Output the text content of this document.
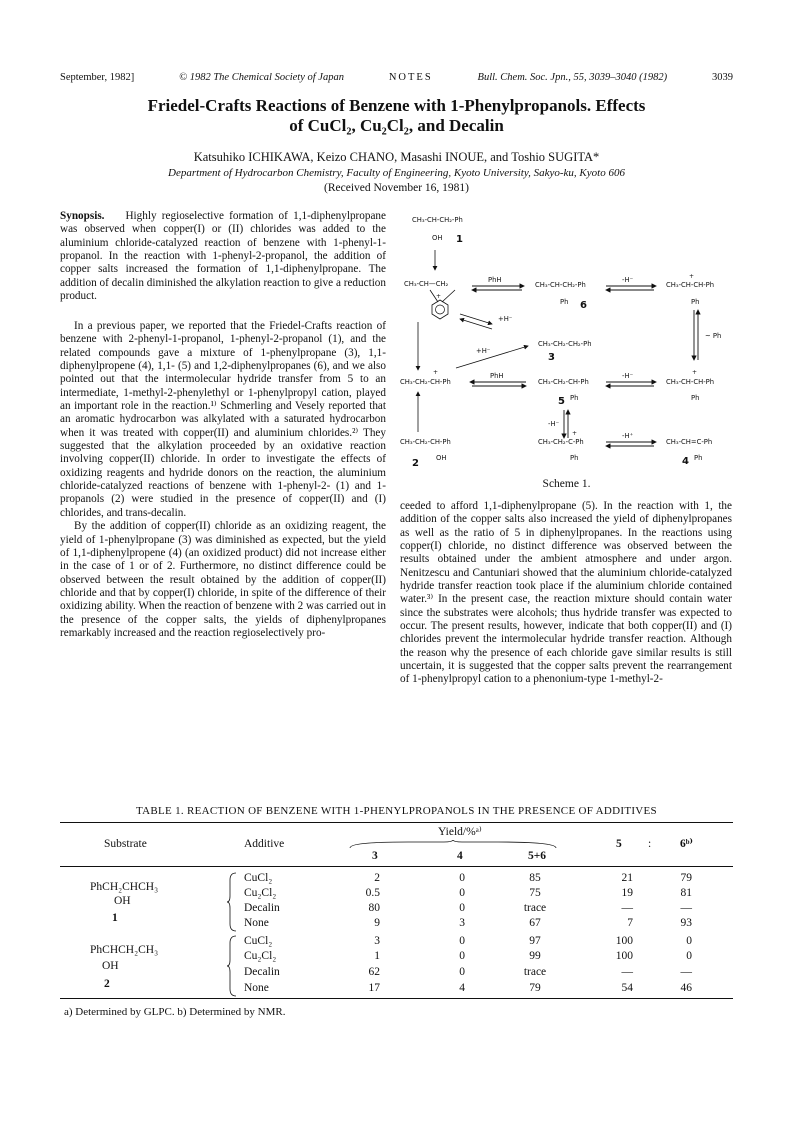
September, 1982]	© 1982 The Chemical Society of Japan	NOTES	Bull. Chem. Soc. Jpn., 55, 3039–3040 (1982)	3039
Friedel-Crafts Reactions of Benzene with 1-Phenylpropanols. Effects
of CuCl₂, Cu₂Cl₂, and Decalin
Katsuhiko ICHIKAWA, Keizo CHANO, Masashi INOUE, and Toshio SUGITA*
Department of Hydrocarbon Chemistry, Faculty of Engineering, Kyoto University, Sakyo-ku, Kyoto 606
(Received November 16, 1981)

Synopsis. Highly regioselective formation of 1,1-diphenylpropane was observed when copper(I) or (II) chlorides was added to the aluminium chloride-catalyzed reaction of benzene with 1-phenyl-1-propanol. In the reaction with 1-phenyl-2-propanol, the addition of copper salts increased the formation of 1,1-diphenylpropane. The addition of decalin diminished the alkylation reaction to give a reduction product.

In a previous paper, we reported that the Friedel-Crafts reaction of benzene with 2-phenyl-1-propanol, 1-phenyl-2-propanol (1), and the related compounds gave a mixture of 1-phenylpropane (3), 1,1-diphenylpropene (4), 1,1- (5) and 1,2-diphenylpropanes (6), and we also pointed out that the intermolecular hydride transfer from 5 to an intermediate, 1-methyl-2-phenylethyl or 1-phenylpropyl cation, played an important role in the reaction.¹⁾ Schmerling and Vesely reported that an aromatic hydrocarbon was alkylated with a saturated hydrocarbon when it was treated with copper(II) and aluminium chlorides.²⁾ They suggested that the alkylation proceeded by an oxidative reaction involving copper(II) chloride. In order to investigate the effects of oxidizing reagents and hydride donors on the reaction, the aluminium chloride-catalyzed reactions of benzene with 1-phenyl-2- (1) and 1-propanols (2) were studied in the presence of copper(II) and (I) chlorides, and trans-decalin.

By the addition of copper(II) chloride as an oxidizing reagent, the yield of 1-phenylpropane (3) was diminished as expected, but the yield of 1,1-diphenylpropene (4) (an oxidized product) did not increase either in the case of 1 or of 2. Furthermore, no distinct difference could be observed between the result obtained by the addition of copper(II) chloride and that by copper(I) chloride, in spite of the difference of their oxidizing ability. When the reaction of benzene with 2 was carried out in the presence of the copper salts, the yields of diphenylpropanes remarkably increased and the reaction regioselectively pro-

CH₃-CH-CH₂-Ph
OH 1
CH₃-CH—CH₂
+
PhH
CH₃-CH-CH₂-Ph
Ph 6
-H⁻	+
CH₃-CH-CH-Ph
Ph
+H⁻
CH₃-CH₂-CH₂-Ph
3
+H⁻
~ Ph
+
CH₃-CH₂-CH-Ph
PhH
CH₃-CH₂-CH-Ph
Ph
5
-H⁻	+
CH₃-CH-CH-Ph
Ph
-H⁻
CH₃-CH₂-CH-Ph
OH
2
+
CH₃-CH₂-C-Ph
Ph
-H⁺
CH₃-CH=C-Ph
Ph
4
Scheme 1.

ceeded to afford 1,1-diphenylpropane (5). In the reaction with 1, the addition of the copper salts also increased the yield of diphenylpropanes as well as the ratio of 5 in diphenylpropanes. In the reactions using copper(I) chloride, no distinct difference was observed between the results obtained under the ambient atmosphere and under argon. Nenitzescu and Cantuniari showed that the aluminium chloride-catalyzed hydride transfer reaction took place if the aluminium chloride contained water.³⁾ In the present case, the reaction mixture should contain water since the substrates were alcohols; thus hydride transfer was expected to occur. The present results, however, indicate that both copper(II) and (I) chlorides prevent the intermolecular hydride transfer reaction. Although the reason why the presence of each chloride gave similar results is still uncertain, it is suggested that the copper salts prevent the rearrangement of 1-phenylpropyl cation to a phenonium-type 1-methyl-2-

TABLE 1. REACTION OF BENZENE WITH 1-PHENYLPROPANOLS IN THE PRESENCE OF ADDITIVES
Substrate	Additive
Yield/%ᵃ⁾
3	4	5+6
5 :	6ᵇ⁾
PhCH₂CHCH₃
OH
1
PhCHCH₂CH₃
OH
2
CuCl₂	2	0	85	21	79
Cu₂Cl₂	0.5	0	75	19	81
Decalin	80	0	trace	—	—
None	9	3	67	7	93
CuCl₂	3	0	97	100	0
Cu₂Cl₂	1	0	99	100	0
Decalin	62	0	trace	—	—
None	17	4	79	54	46
a) Determined by GLPC. b) Determined by NMR.
